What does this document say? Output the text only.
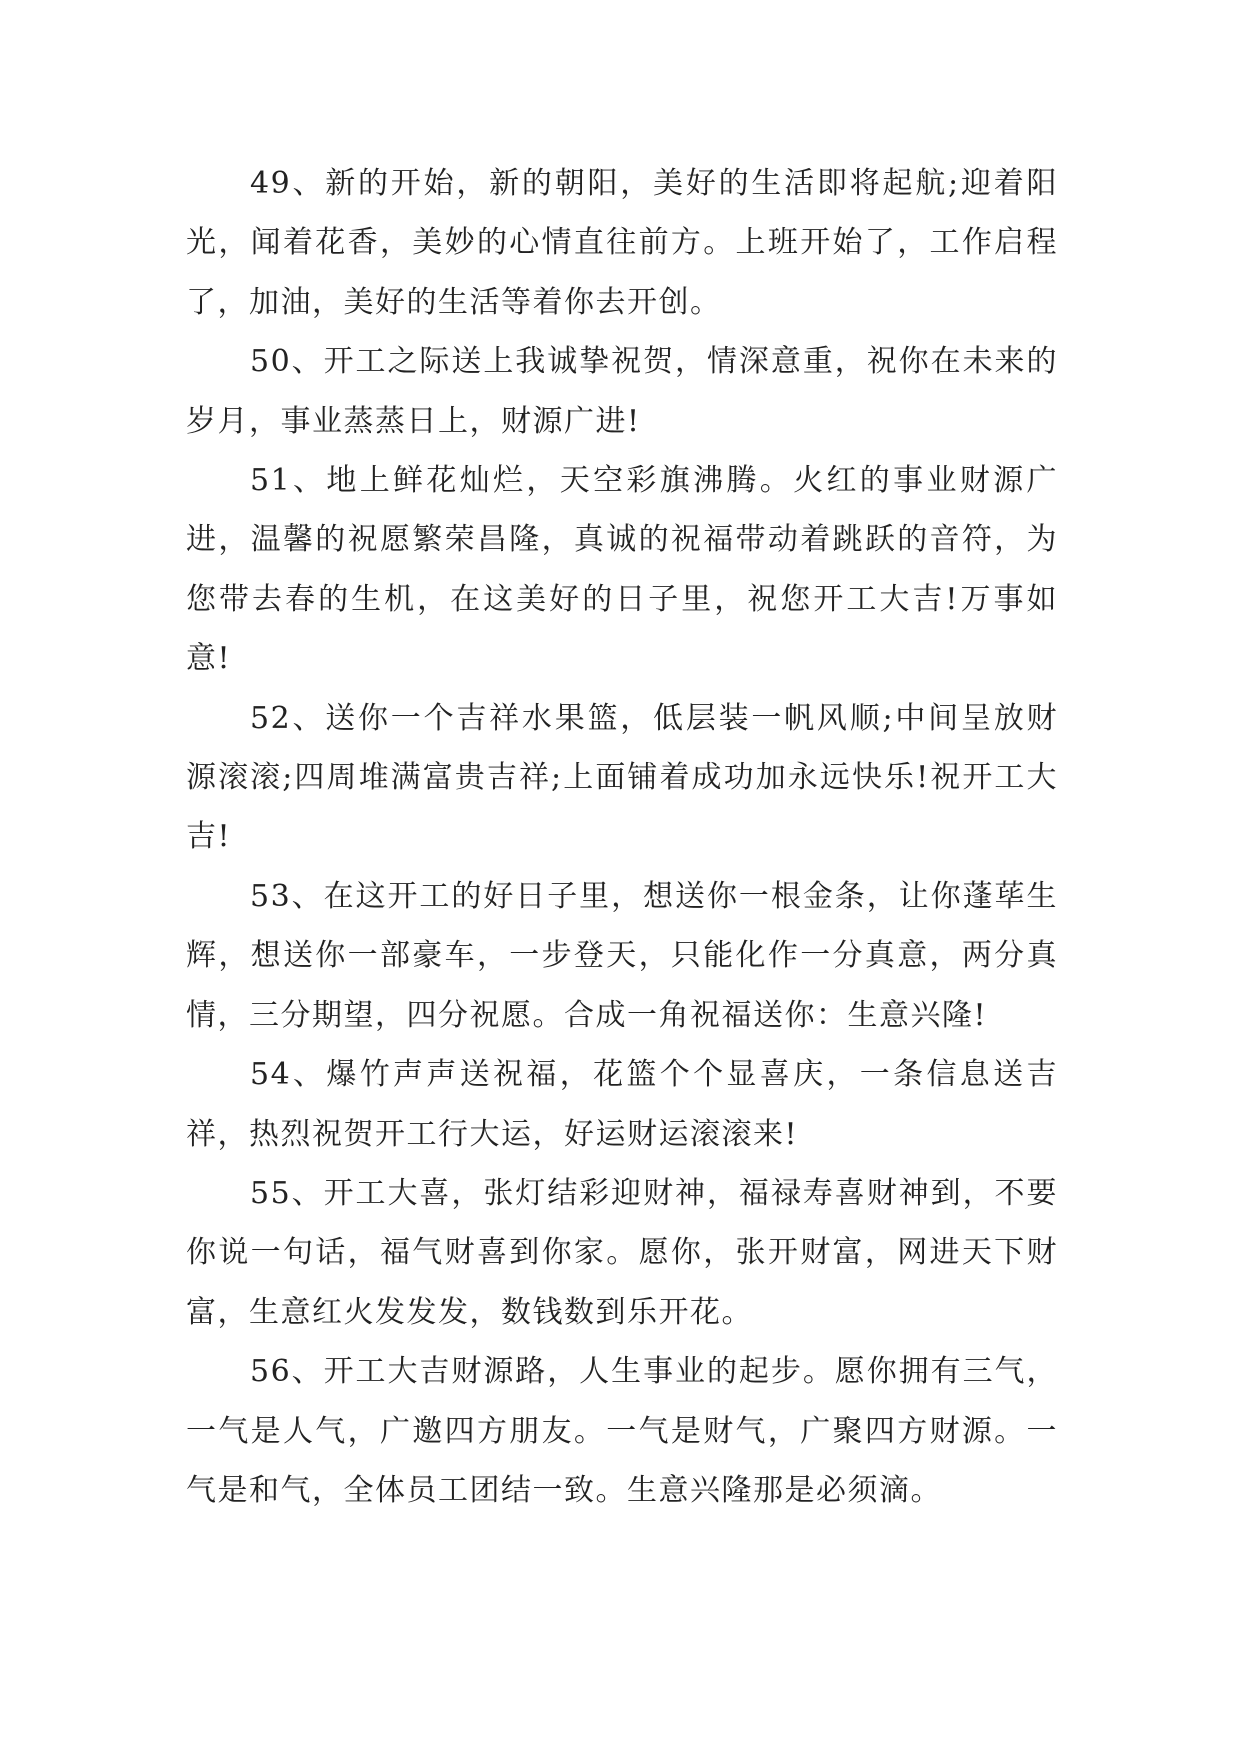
49、新的开始，新的朝阳，美好的生活即将起航;迎着阳光，闻着花香，美妙的心情直往前方。上班开始了，工作启程了，加油，美好的生活等着你去开创。

50、开工之际送上我诚挚祝贺，情深意重，祝你在未来的岁月，事业蒸蒸日上，财源广进!

51、地上鲜花灿烂，天空彩旗沸腾。火红的事业财源广进，温馨的祝愿繁荣昌隆，真诚的祝福带动着跳跃的音符，为您带去春的生机，在这美好的日子里，祝您开工大吉!万事如意!

52、送你一个吉祥水果篮，低层装一帆风顺;中间呈放财源滚滚;四周堆满富贵吉祥;上面铺着成功加永远快乐!祝开工大吉!

53、在这开工的好日子里，想送你一根金条，让你蓬荜生辉，想送你一部豪车，一步登天，只能化作一分真意，两分真情，三分期望，四分祝愿。合成一角祝福送你：生意兴隆!

54、爆竹声声送祝福，花篮个个显喜庆，一条信息送吉祥，热烈祝贺开工行大运，好运财运滚滚来!

55、开工大喜，张灯结彩迎财神，福禄寿喜财神到，不要你说一句话，福气财喜到你家。愿你，张开财富，网进天下财富，生意红火发发发，数钱数到乐开花。

56、开工大吉财源路，人生事业的起步。愿你拥有三气，一气是人气，广邀四方朋友。一气是财气，广聚四方财源。一气是和气，全体员工团结一致。生意兴隆那是必须滴。
